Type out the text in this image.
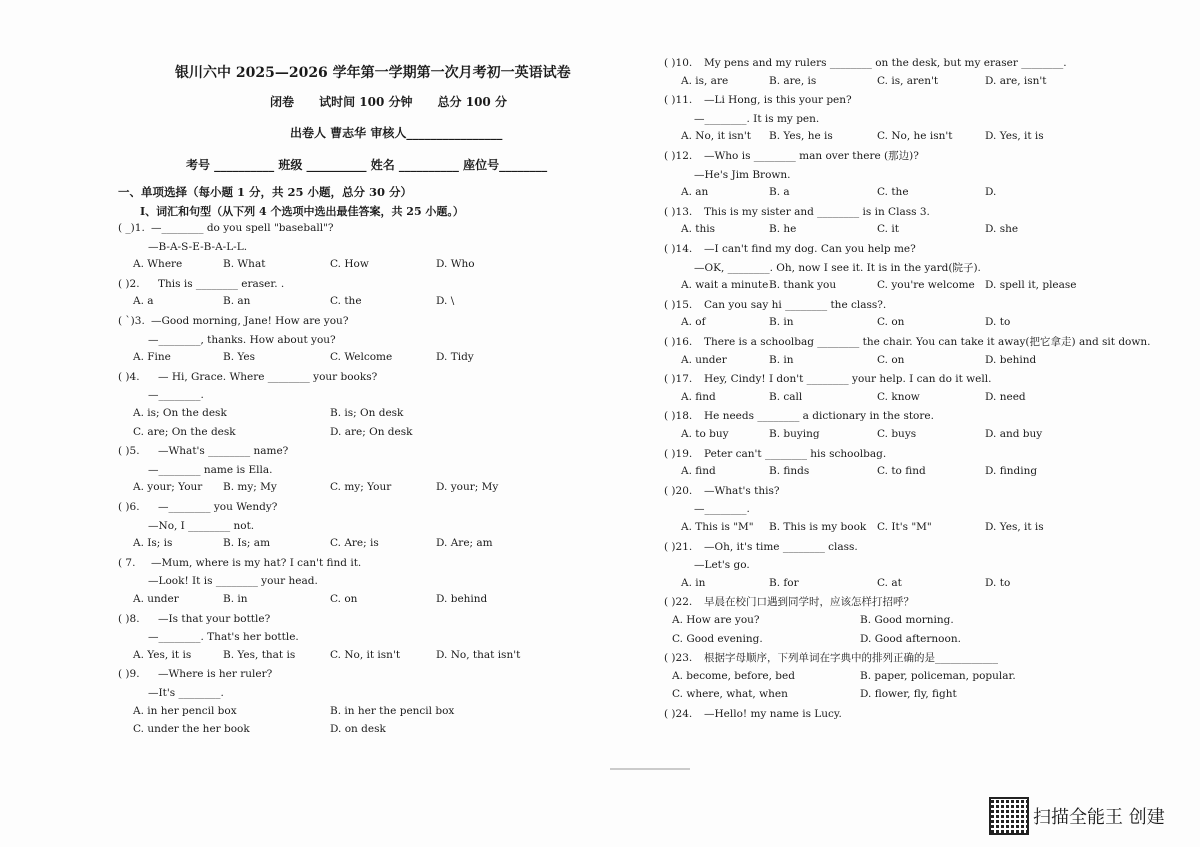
银川六中 2025—2026 学年第一学期第一次月考初一英语试卷
闭卷      试时间 100 分钟      总分 100 分
出卷人 曹志华 审核人________________
考号 __________ 班级 __________ 姓名 __________ 座位号________
一、单项选择（每小题 1 分，共 25 小题，总分 30 分）
Ⅰ、词汇和句型（从下列 4 个选项中选出最佳答案，共 25 小题。）
( _)1. —________ do you spell "baseball"?
—B-A-S-E-B-A-L-L.
A. Where	B. What	C. How	D. Who
( )2. This is ________ eraser. .
A. a	B. an	C. the	D. \
( `)3. —Good morning, Jane! How are you?
—________, thanks. How about you?
A. Fine	B. Yes	C. Welcome	D. Tidy
( )4. — Hi, Grace. Where ________ your books?
—________.
A. is; On the desk	B. is; On desk
C. are; On the desk	D. are; On desk
( )5. —What's ________ name?
—________ name is Ella.
A. your; Your B. my; My	C. my; Your	D. your; My
( )6. —________ you Wendy?
—No, I ________ not.
A. Is; is	B. Is; am	C. Are; is	D. Are; am
( 7. —Mum, where is my hat? I can't find it.
—Look! It is ________ your head.
A. under	B. in	C. on	D. behind
( )8. —Is that your bottle?
—________. That's her bottle.
A. Yes, it is	B. Yes, that is	C. No, it isn't	D. No, that isn't
( )9. —Where is her ruler?
—It's ________.
A. in her pencil box	B. in her the pencil box
C. under the her book	D. on desk
( )10. My pens and my rulers ________ on the desk, but my eraser ________.
A. is, are	B. are, is	C. is, aren't	D. are, isn't
( )11. —Li Hong, is this your pen?
—________. It is my pen.
A. No, it isn't B. Yes, he is	C. No, he isn't	D. Yes, it is
( )12. —Who is ________ man over there (那边)?
—He's Jim Brown.
A. an	B. a	C. the	D.
( )13. This is my sister and ________ is in Class 3.
A. this	B. he	C. it	D. she
( )14. —I can't find my dog. Can you help me?
—OK, ________. Oh, now I see it. It is in the yard(院子).
A. wait a minute B. thank you	C. you're welcome D. spell it, please
( )15. Can you say hi ________ the class?.
A. of	B. in	C. on	D. to
( )16. There is a schoolbag ________ the chair. You can take it away(把它拿走) and sit down.
A. under	B. in	C. on	D. behind
( )17. Hey, Cindy! I don't ________ your help. I can do it well.
A. find	B. call	C. know	D. need
( )18. He needs ________ a dictionary in the store.
A. to buy	B. buying	C. buys	D. and buy
( )19. Peter can't ________ his schoolbag.
A. find	B. finds	C. to find	D. finding
( )20. —What's this?
—________.
A. This is "M" B. This is my book C. It's "M"	D. Yes, it is
( )21. —Oh, it's time ________ class.
—Let's go.
A. in	B. for	C. at	D. to
( )22. 早晨在校门口遇到同学时，应该怎样打招呼？
A. How are you?	B. Good morning.
C. Good evening.	D. Good afternoon.
( )23. 根据字母顺序，下列单词在字典中的排列正确的是____________
A. become, before, bed	B. paper, policeman, popular.
C. where, what, when	D. flower, fly, fight
( )24. —Hello! my name is Lucy.
扫描全能王 创建
